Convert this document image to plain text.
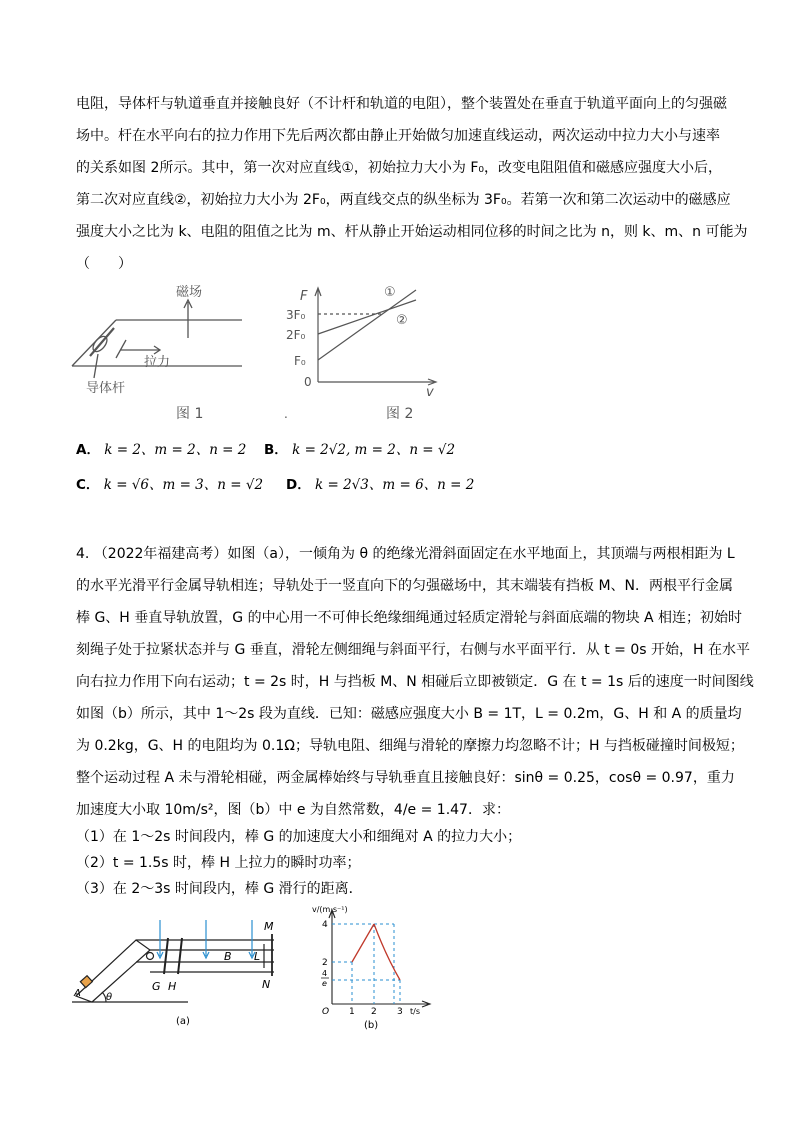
电阻，导体杆与轨道垂直并接触良好（不计杆和轨道的电阻），整个装置处在垂直于轨道平面向上的匀强磁
场中。杆在水平向右的拉力作用下先后两次都由静止开始做匀加速直线运动，两次运动中拉力大小与速率
的关系如图 2所示。其中，第一次对应直线①，初始拉力大小为 F₀，改变电阻阻值和磁感应强度大小后，
第二次对应直线②，初始拉力大小为 2F₀，两直线交点的纵坐标为 3F₀。若第一次和第二次运动中的磁感应
强度大小之比为 k、电阻的阻值之比为 m、杆从静止开始运动相同位移的时间之比为 n，则 k、m、n 可能为
（　　）
磁场
拉力
导体杆
图 1
F
3F₀
2F₀
F₀
0
v
①
②
.	图 2
A． k = 2、m = 2、n = 2 B． k = 2√2, m = 2、n = √2
C． k = √6、m = 3、n = √2 D． k = 2√3、m = 6、n = 2
4. （2022年福建高考）如图（a），一倾角为 θ 的绝缘光滑斜面固定在水平地面上，其顶端与两根相距为 L
的水平光滑平行金属导轨相连；导轨处于一竖直向下的匀强磁场中，其末端装有挡板 M、N．两根平行金属
棒 G、H 垂直导轨放置，G 的中心用一不可伸长绝缘细绳通过轻质定滑轮与斜面底端的物块 A 相连；初始时
刻绳子处于拉紧状态并与 G 垂直，滑轮左侧细绳与斜面平行，右侧与水平面平行．从 t = 0s 开始，H 在水平
向右拉力作用下向右运动；t = 2s 时，H 与挡板 M、N 相碰后立即被锁定．G 在 t = 1s 后的速度一时间图线
如图（b）所示，其中 1～2s 段为直线．已知：磁感应强度大小 B = 1T，L = 0.2m，G、H 和 A 的质量均
为 0.2kg，G、H 的电阻均为 0.1Ω；导轨电阻、细绳与滑轮的摩擦力均忽略不计；H 与挡板碰撞时间极短；
整个运动过程 A 未与滑轮相碰，两金属棒始终与导轨垂直且接触良好：sinθ = 0.25，cosθ = 0.97，重力
加速度大小取 10m/s²，图（b）中 e 为自然常数，4/e = 1.47．求：
（1）在 1～2s 时间段内，棒 G 的加速度大小和细绳对 A 的拉力大小；
（2）t = 1.5s 时，棒 H 上拉力的瞬时功率；
（3）在 2～3s 时间段内，棒 G 滑行的距离．
M
N
G H
B L
A	θ
(a)
v/(m·s⁻¹)
4
2
4
e
O 1 2 3 t/s
(b)
